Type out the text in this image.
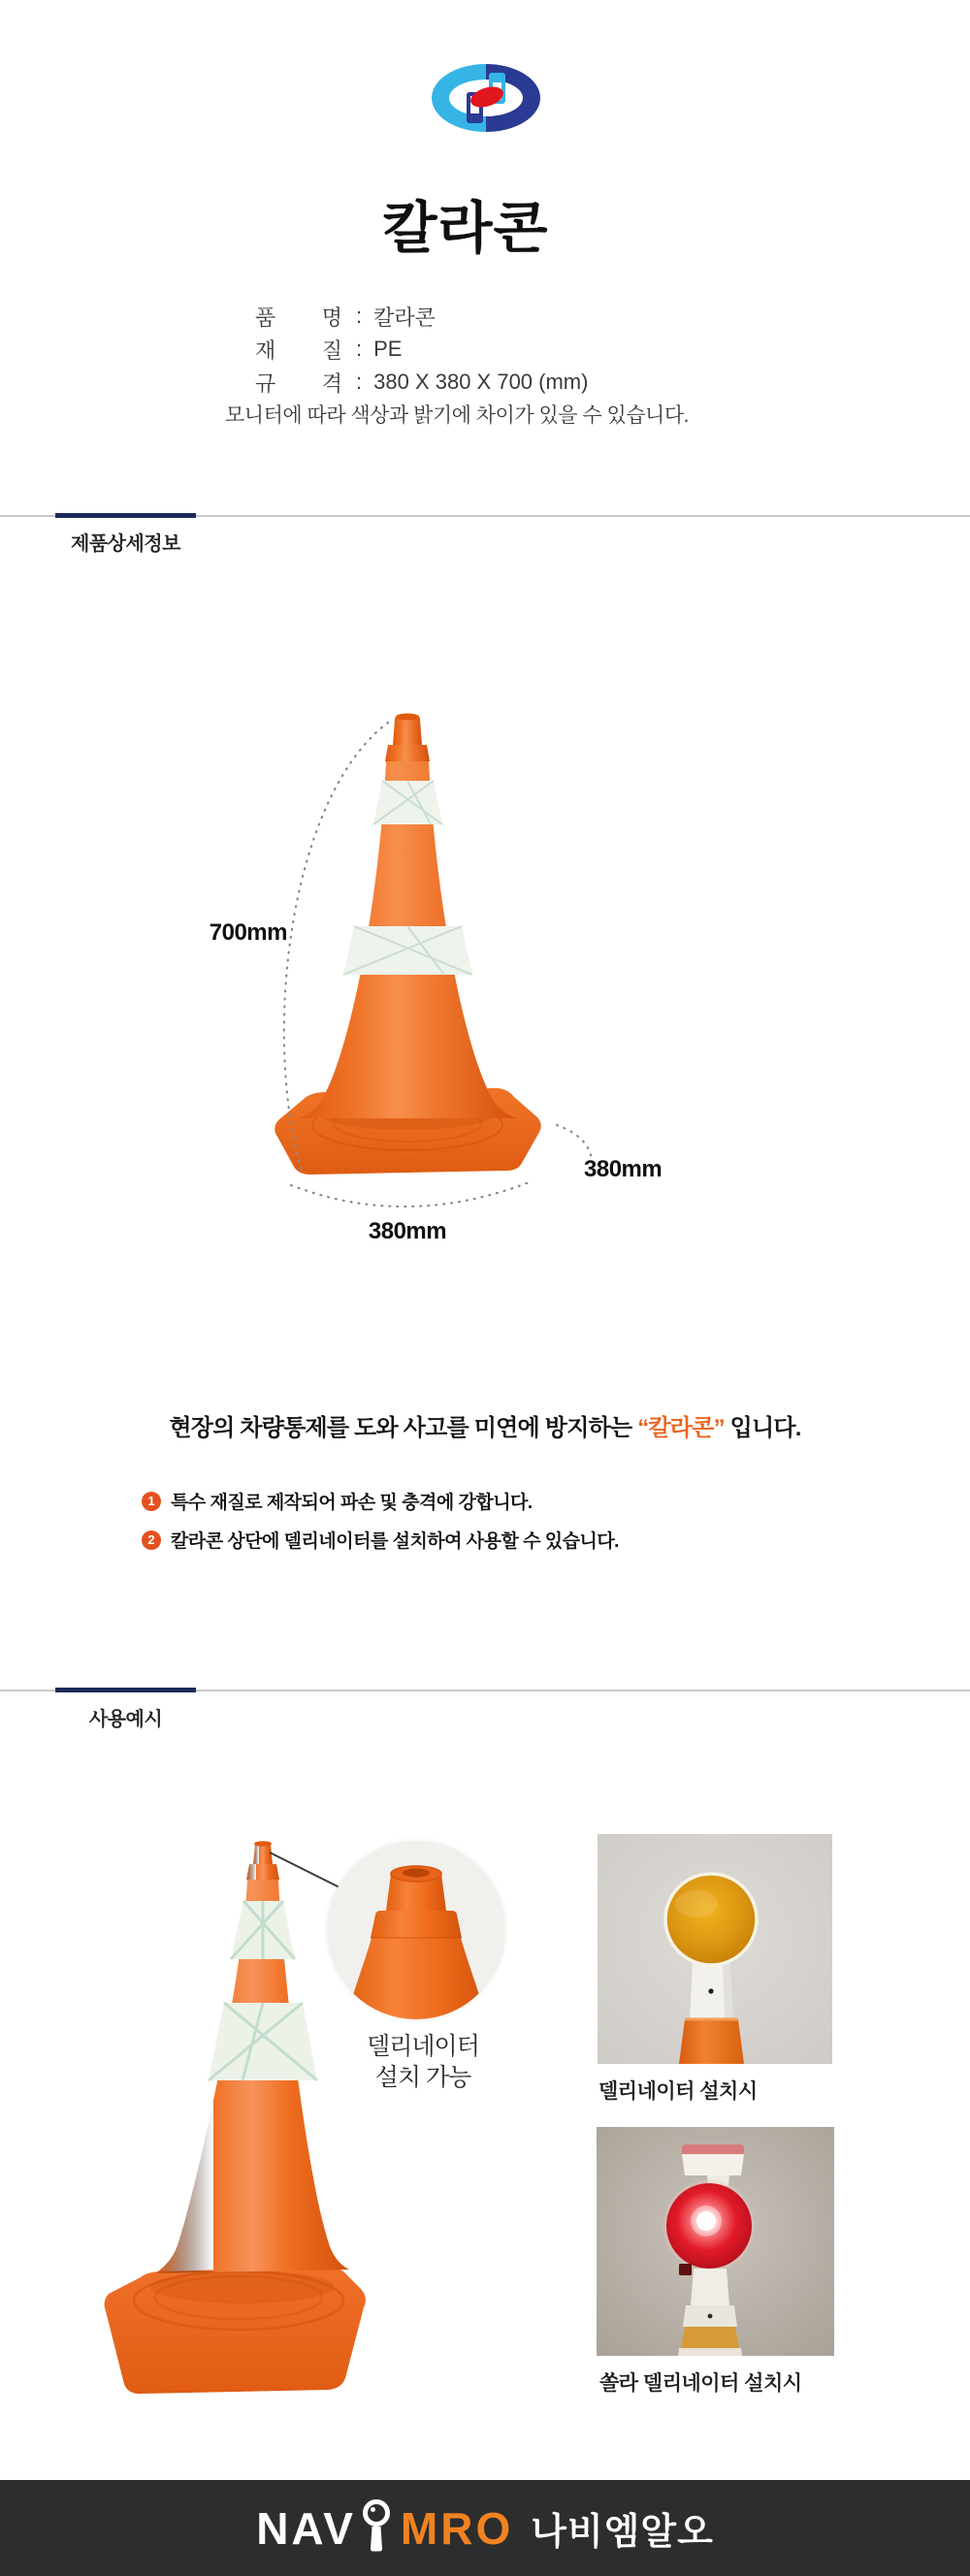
칼라콘
품 명 : 칼라콘
재 질 : PE
규 격 : 380 X 380 X 700 (mm)
모니터에 따라 색상과 밝기에 차이가 있을 수 있습니다.
제품상세정보
700mm
380mm
380mm
현장의 차량통제를 도와 사고를 미연에 방지하는 “칼라콘” 입니다.
1 특수 재질로 제작되어 파손 및 충격에 강합니다.
2 칼라콘 상단에 델리네이터를 설치하여 사용할 수 있습니다.
사용예시
델리네이터
설치 가능
델리네이터 설치시
쏠라 델리네이터 설치시
NAV MRO 나비엠알오
